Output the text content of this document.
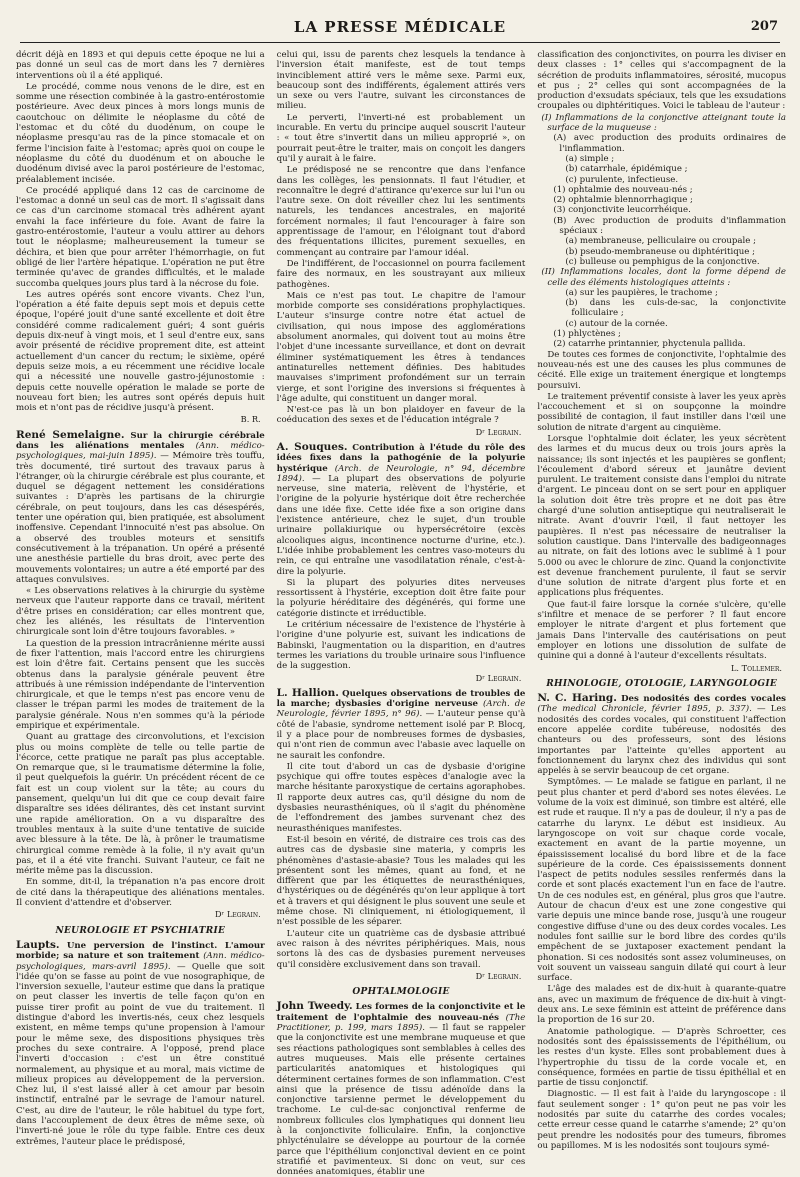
LA PRESSE MÉDICALE	207

décrit déjà en 1893 et qui depuis cette époque ne lui a pas donné un seul cas de mort dans les 7 dernières interventions où il a été appliqué.

Le procédé, comme nous venons de le dire, est en somme une résection combinée à la gastro-entérostomie postérieure. Avec deux pinces à mors longs munis de caoutchouc on délimite le néoplasme du côté de l'estomac et du côté du duodénum, on coupe le néoplasme presqu'au ras de la pince stomacale et on ferme l'incision faite à l'estomac; après quoi on coupe le néoplasme du côté du duodénum et on abouche le duodénum divisé avec la paroi postérieure de l'estomac, préalablement incisée.

Ce procédé appliqué dans 12 cas de carcinome de l'estomac a donné un seul cas de mort. Il s'agissait dans ce cas d'un carcinome stomacal très adhérent ayant envahi la face inférieure du foie. Avant de faire la gastro-entérostomie, l'auteur a voulu attirer au dehors tout le néoplasme; malheureusement la tumeur se déchira, et bien que pour arrêter l'hémorrhagie, on fut obligé de lier l'artère hépatique. L'opération ne put être terminée qu'avec de grandes difficultés, et le malade succomba quelques jours plus tard à la nécrose du foie.

Les autres opérés sont encore vivants. Chez l'un, l'opération a été faite depuis sept mois et depuis cette époque, l'opéré jouit d'une santé excellente et doit être considéré comme radicalement guéri; 4 sont guéris depuis dix-neuf à vingt mois, et 1 seul d'entre eux, sans avoir présenté de récidive proprement dite, est atteint actuellement d'un cancer du rectum; le sixième, opéré depuis seize mois, a eu récemment une récidive locale qui a nécessité une nouvelle gastro-jéjunostomie : depuis cette nouvelle opération le malade se porte de nouveau fort bien; les autres sont opérés depuis huit mois et n'ont pas de récidive jusqu'à présent.

B. R.

René Semelaigne. Sur la chirurgie cérébrale dans les aliénations mentales (Ann. médico-psychologiques, mai-juin 1895). — Mémoire très touffu, très documenté, tiré surtout des travaux parus à l'étranger, où la chirurgie cérébrale est plus courante, et duquel se dégagent nettement les considérations suivantes : D'après les partisans de la chirurgie cérébrale, on peut toujours, dans les cas désespérés, tenter une opération qui, bien pratiquée, est absolument inoffensive. Cependant l'innocuité n'est pas absolue. On a observé des troubles moteurs et sensitifs consécutivement à la trépanation. Un opéré a présenté une anesthésie partielle du bras droit, avec perte des mouvements volontaires; un autre a été emporté par des attaques convulsives.

« Les observations relatives à la chirurgie du système nerveux que l'auteur rapporte dans ce travail, méritent d'être prises en considération; car elles montrent que, chez les aliénés, les résultats de l'intervention chirurgicale sont loin d'être toujours favorables. »

La question de la pression intracrânienne mérite aussi de fixer l'attention, mais l'accord entre les chirurgiens est loin d'être fait. Certains pensent que les succès obtenus dans la paralysie générale peuvent être attribués à une rémission indépendante de l'intervention chirurgicale, et que le temps n'est pas encore venu de classer le trépan parmi les modes de traitement de la paralysie générale. Nous n'en sommes qu'à la période empirique et expérimentale.

Quant au grattage des circonvolutions, et l'excision plus ou moins complète de telle ou telle partie de l'écorce, cette pratique ne paraît pas plus acceptable. On remarque que, si le traumatisme détermine la folie, il peut quelquefois la guérir. Un précédent récent de ce fait est un coup violent sur la tête; au cours du pansement, quelqu'un lui dit que ce coup devait faire disparaître ses idées délirantes, dès cet instant survint une rapide amélioration. On a vu disparaître des troubles mentaux à la suite d'une tentative de suicide avec blessure à la tête. De là, à prôner le traumatisme chirurgical comme remède à la folie, il n'y avait qu'un pas, et il a été vite franchi. Suivant l'auteur, ce fait ne mérite même pas la discussion.

En somme, dit-il, la trépanation n'a pas encore droit de cité dans la thérapeutique des aliénations mentales. Il convient d'attendre et d'observer.

Dʳ Legrain.
NEUROLOGIE ET PSYCHIATRIE

Laupts. Une perversion de l'instinct. L'amour morbide; sa nature et son traitement (Ann. médico-psychologiques, mars-avril 1895). — Quelle que soit l'idée qu'on se fasse au point de vue nosographique, de l'inversion sexuelle, l'auteur estime que dans la pratique on peut classer les invertis de telle façon qu'on en puisse tirer profit au point de vue du traitement. Il distingue d'abord les invertis-nés, ceux chez lesquels existent, en même temps qu'une propension à l'amour pour le même sexe, des dispositions physiques très proches du sexe contraire. A l'opposé, prend place l'inverti d'occasion : c'est un être constitué normalement, au physique et au moral, mais victime de milieux propices au développement de la perversion. Chez lui, il s'est laissé aller à cet amour par besoin instinctif, entraîné par le sevrage de l'amour naturel. C'est, au dire de l'auteur, le rôle habituel du type fort, dans l'accouplement de deux êtres de même sexe, où l'inverti-né joue le rôle du type faible. Entre ces deux extrêmes, l'auteur place le prédisposé,

celui qui, issu de parents chez lesquels la tendance à l'inversion était manifeste, est de tout temps invinciblement attiré vers le même sexe. Parmi eux, beaucoup sont des indifférents, également attirés vers un sexe ou vers l'autre, suivant les circonstances de milieu.

Le perverti, l'inverti-né est probablement un incurable. En vertu du principe auquel souscrit l'auteur : « tout être s'invertit dans un milieu approprié », on pourrait peut-être le traiter, mais on conçoit les dangers qu'il y aurait à le faire.

Le prédisposé ne se rencontre que dans l'enfance dans les collèges, les pensionnats. Il faut l'étudier, et reconnaître le degré d'attirance qu'exerce sur lui l'un ou l'autre sexe. On doit réveiller chez lui les sentiments naturels, les tendances ancestrales, en majorité forcément normales; il faut l'encourager à faire son apprentissage de l'amour, en l'éloignant tout d'abord des fréquentations illicites, purement sexuelles, en commençant au contraire par l'amour idéal.

De l'indifférent, de l'occasionnel on pourra facilement faire des normaux, en les soustrayant aux milieux pathogènes.

Mais ce n'est pas tout. Le chapitre de l'amour morbide comporte ses considérations prophylactiques. L'auteur s'insurge contre notre état actuel de civilisation, qui nous impose des agglomérations absolument anormales, qui doivent tout au moins être l'objet d'une incessante surveillance, et dont on devrait éliminer systématiquement les êtres à tendances antinaturelles nettement définies. Des habitudes mauvaises s'impriment profondément sur un terrain vierge, et sont l'origine des inversions si fréquentes à l'âge adulte, qui constituent un danger moral.

N'est-ce pas là un bon plaidoyer en faveur de la coéducation des sexes et de l'éducation intégrale ?

Dʳ Legrain.

A. Souques. Contribution à l'étude du rôle des idées fixes dans la pathogénie de la polyurie hystérique (Arch. de Neurologie, n° 94, décembre 1894). — La plupart des observations de polyurie nerveuse, sine materia, relèvent de l'hystérie, et l'origine de la polyurie hystérique doit être recherchée dans une idée fixe. Cette idée fixe a son origine dans l'existence antérieure, chez le sujet, d'un trouble urinaire pollakiurique ou hypersécrétoire (excès alcooliques aigus, incontinence nocturne d'urine, etc.). L'idée inhibe probablement les centres vaso-moteurs du rein, ce qui entraîne une vasodilatation rénale, c'est-à-dire la polyurie.

Si la plupart des polyuries dites nerveuses ressortissent à l'hystérie, exception doit être faite pour la polyurie héréditaire des dégénérés, qui forme une catégorie distincte et irréductible.

Le critérium nécessaire de l'existence de l'hystérie à l'origine d'une polyurie est, suivant les indications de Babinski, l'augmentation ou la disparition, en d'autres termes les variations du trouble urinaire sous l'influence de la suggestion.

Dʳ Legrain.

L. Hallion. Quelques observations de troubles de la marche; dysbasies d'origine nerveuse (Arch. de Neurologie, février 1895, n° 96). — L'auteur pense qu'à côté de l'abasie, syndrome nettement isolé par P. Blocq, il y a place pour de nombreuses formes de dysbasies, qui n'ont rien de commun avec l'abasie avec laquelle on ne saurait les confondre.

Il cite tout d'abord un cas de dysbasie d'origine psychique qui offre toutes espèces d'analogie avec la marche hésitante paroxystique de certains agoraphobes. Il rapporte deux autres cas, qu'il désigne du nom de dysbasies neurasthéniques, où il s'agit du phénomène de l'effondrement des jambes survenant chez des neurasthéniques manifestes.

Est-il besoin en vérité, de distraire ces trois cas des autres cas de dysbasie sine materia, y compris les phénomènes d'astasie-abasie? Tous les malades qui les présentent sont les mêmes, quant au fond, et ne diffèrent que par les étiquettes de neurasthéniques, d'hystériques ou de dégénérés qu'on leur applique à tort et à travers et qui désignent le plus souvent une seule et même chose. Ni cliniquement, ni étiologiquement, il n'est possible de les séparer.

L'auteur cite un quatrième cas de dysbasie attribué avec raison à des névrites périphériques. Mais, nous sortons là des cas de dysbasies purement nerveuses qu'il considère exclusivement dans son travail.

Dʳ Legrain.
OPHTALMOLOGIE

John Tweedy. Les formes de la conjonctivite et le traitement de l'ophtalmie des nouveau-nés (The Practitioner, p. 199, mars 1895). — Il faut se rappeler que la conjonctivite est une membrane muqueuse et que ses réactions pathologiques sont semblables à celles des autres muqueuses. Mais elle présente certaines particularités anatomiques et histologiques qui déterminent certaines formes de son inflammation. C'est ainsi que la présence de tissu adénoïde dans la conjonctive tarsienne permet le développement du trachome. Le cul-de-sac conjonctival renferme de nombreux follicules clos lymphatiques qui donnent lieu à la conjonctivite folliculaire. Enfin, la conjonctive phlycténulaire se développe au pourtour de la cornée parce que l'épithélium conjonctival devient en ce point stratifié et pavimenteux. Si donc on veut, sur ces données anatomiques, établir une

classification des conjonctivites, on pourra les diviser en deux classes : 1° celles qui s'accompagnent de la sécrétion de produits inflammatoires, sérosité, mucopus et pus ; 2° celles qui sont accompagnées de la production d'exsudats spéciaux, tels que les exsudations croupales ou diphtéritiques. Voici le tableau de l'auteur :

(I) Inflammations de la conjonctive atteignant toute la surface de la muqueuse :
(A) avec production des produits ordinaires de l'inflammation.
(a) simple ;
(b) catarrhale, épidémique ;
(c) purulente, infectieuse.
(1) ophtalmie des nouveau-nés ;
(2) ophtalmie blennorrhagique ;
(3) conjonctivite leucorrhéique.
(B) Avec production de produits d'inflammation spéciaux :
(a) membraneuse, pelliculaire ou croupale ;
(b) pseudo-membraneuse ou diphtéritique ;
(c) bulleuse ou pemphigus de la conjonctive.
(II) Inflammations locales, dont la forme dépend de celle des éléments histologiques atteints :
(a) sur les paupières, le trachome ;
(b) dans les culs-de-sac, la conjonctivite folliculaire ;
(c) autour de la cornée.
(1) phlyctènes ;
(2) catarrhe printannier, phyctenula pallida.

De toutes ces formes de conjonctivite, l'ophtalmie des nouveau-nés est une des causes les plus communes de cécité. Elle exige un traitement énergique et longtemps poursuivi.

Le traitement préventif consiste à laver les yeux après l'accouchement et si on soupçonne la moindre possibilité de contagion, il faut instiller dans l'œil une solution de nitrate d'argent au cinquième.

Lorsque l'ophtalmie doit éclater, les yeux sécrètent des larmes et du mucus deux ou trois jours après la naissance; ils sont injectés et les paupières se gonflent; l'écoulement d'abord séreux et jaunâtre devient purulent. Le traitement consiste dans l'emploi du nitrate d'argent. Le pinceau dont on se sert pour en appliquer la solution doit être très propre et ne doit pas être chargé d'une solution antiseptique qui neutraliserait le nitrate. Avant d'ouvrir l'œil, il faut nettoyer les paupières. Il n'est pas nécessaire de neutraliser la solution caustique. Dans l'intervalle des badigeonnages au nitrate, on fait des lotions avec le sublimé à 1 pour 5.000 ou avec le chlorure de zinc. Quand la conjonctivite est devenue franchement purulente, il faut se servir d'une solution de nitrate d'argent plus forte et en applications plus fréquentes.

Que faut-il faire lorsque la cornée s'ulcère, qu'elle s'infiltre et menace de se perforer ? Il faut encore employer le nitrate d'argent et plus fortement que jamais Dans l'intervalle des cautérisations on peut employer en lotions une dissolution de sulfate de quinine qui a donné à l'auteur d'excellents résultats.

L. Tollemer.
RHINOLOGIE, OTOLOGIE, LARYNGOLOGIE

N. C. Haring. Des nodosités des cordes vocales (The medical Chronicle, février 1895, p. 337). — Les nodosités des cordes vocales, qui constituent l'affection encore appelée cordite tubéreuse, nodosités des chanteurs ou des professeurs, sont des lésions importantes par l'atteinte qu'elles apportent au fonctionnement du larynx chez des individus qui sont appelés à se servir beaucoup de cet organe.

Symptômes. — Le malade se fatigue en parlant, il ne peut plus chanter et perd d'abord ses notes élevées. Le volume de la voix est diminué, son timbre est altéré, elle est rude et rauque. Il n'y a pas de douleur, il n'y a pas de catarrhe du larynx. Le début est insidieux. Au laryngoscope on voit sur chaque corde vocale, exactement en avant de la partie moyenne, un épaississement localisé du bord libre et de la face supérieure de la corde. Ces épaississements donnent l'aspect de petits nodules sessiles renfermés dans la corde et sont placés exactement l'un en face de l'autre. Un de ces nodules est, en général, plus gros que l'autre. Autour de chacun d'eux est une zone congestive qui varie depuis une mince bande rose, jusqu'à une rougeur congestive diffuse d'une ou des deux cordes vocales. Les nodules font saillie sur le bord libre des cordes qu'ils empêchent de se juxtaposer exactement pendant la phonation. Si ces nodosités sont assez volumineuses, on voit souvent un vaisseau sanguin dilaté qui court à leur surface.

L'âge des malades est de dix-huit à quarante-quatre ans, avec un maximum de fréquence de dix-huit à vingt-deux ans. Le sexe féminin est atteint de préférence dans la proportion de 16 sur 20.

Anatomie pathologique. — D'après Schroetter, ces nodosités sont des épaississements de l'épithélium, ou les restes d'un kyste. Elles sont probablement dues à l'hypertrophie du tissu de la corde vocale et, en conséquence, formées en partie de tissu épithélial et en partie de tissu conjonctif.

Diagnostic. — Il est fait à l'aide du laryngoscope : il faut seulement songer : 1° qu'on peut ne pas voir les nodosités par suite du catarrhe des cordes vocales; cette erreur cesse quand le catarrhe s'amende; 2° qu'on peut prendre les nodosités pour des tumeurs, fibromes ou papillomes. M is les nodosités sont toujours symé-
